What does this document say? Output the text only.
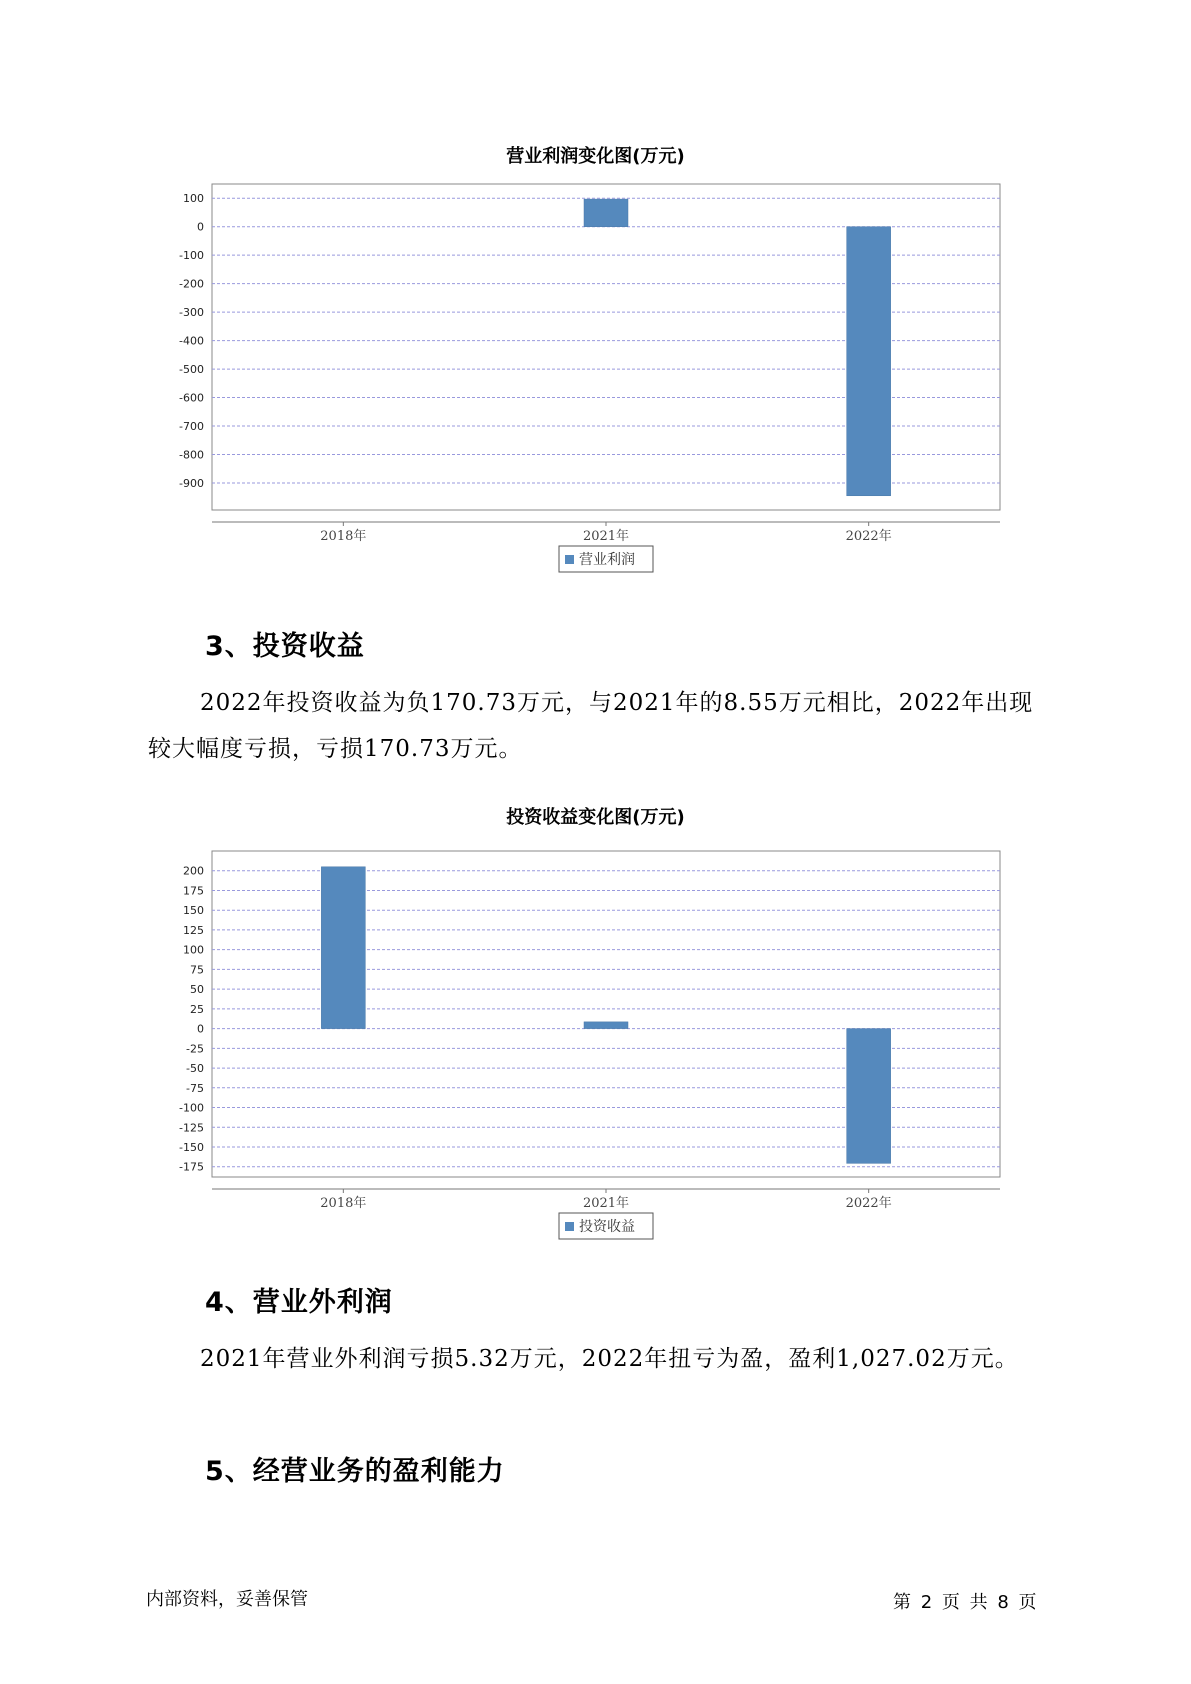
营业利润变化图(万元)
100
0
-100
-200
-300
-400
-500
-600
-700
-800
-900
2018年	2021年	2022年
营业利润
3、投资收益

2022年投资收益为负170.73万元，与2021年的8.55万元相比，2022年出现较大幅度亏损，亏损170.73万元。

投资收益变化图(万元)
200
175
150
125
100
75
50
25
0
-25
-50
-75
-100
-125
-150
-175
2018年	2021年	2022年
投资收益
4、营业外利润

2021年营业外利润亏损5.32万元，2022年扭亏为盈，盈利1,027.02万元。

5、经营业务的盈利能力
内部资料，妥善保管	第 2 页 共 8 页
